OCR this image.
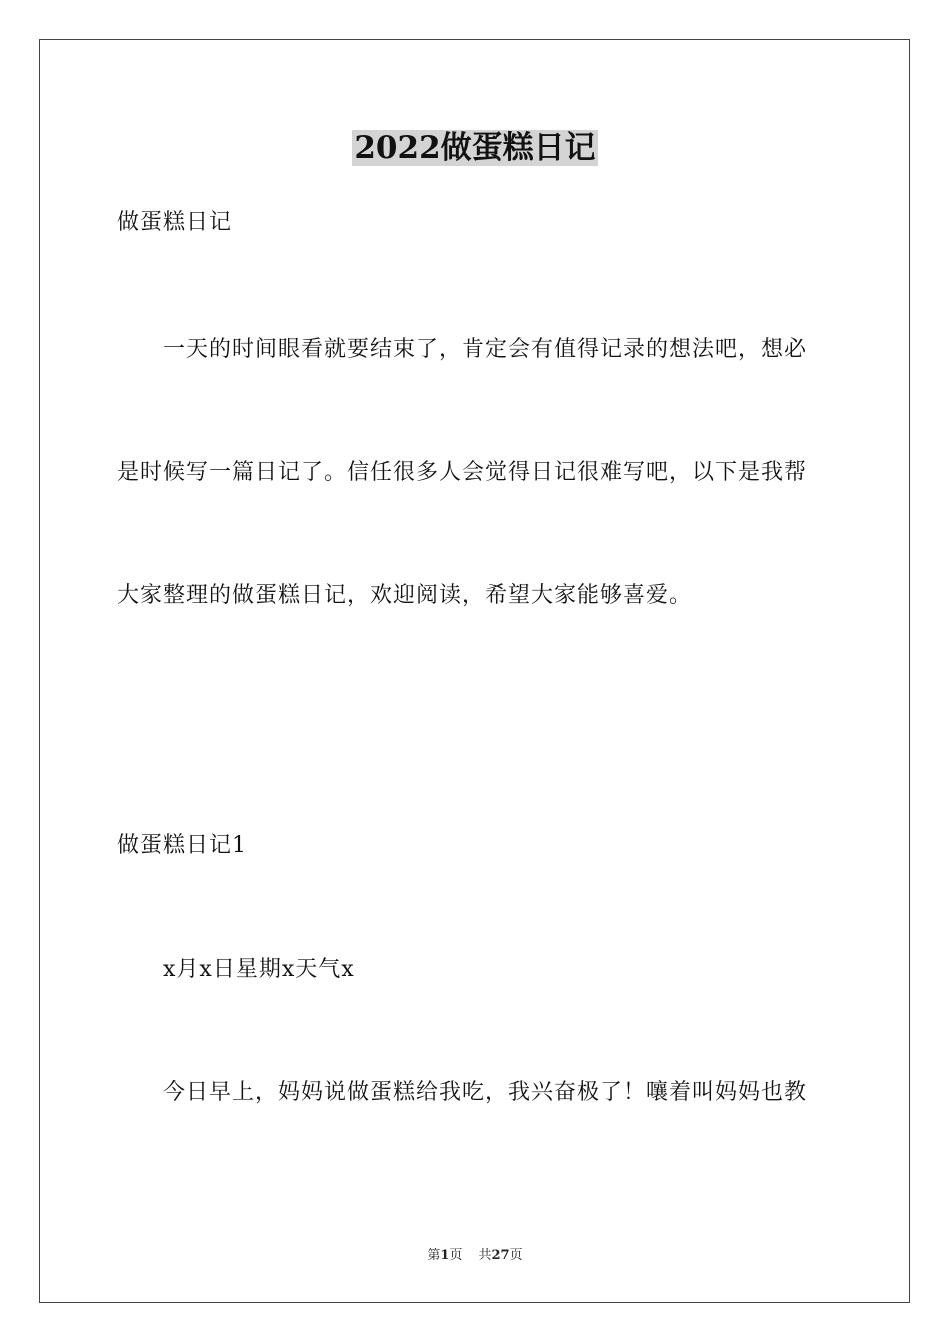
2022做蛋糕日记
做蛋糕日记
一天的时间眼看就要结束了，肯定会有值得记录的想法吧，想必
是时候写一篇日记了。信任很多人会觉得日记很难写吧，以下是我帮
大家整理的做蛋糕日记，欢迎阅读，希望大家能够喜爱。
做蛋糕日记1
x月x日星期x天气x
今日早上，妈妈说做蛋糕给我吃，我兴奋极了！嚷着叫妈妈也教
第1页 共27页
